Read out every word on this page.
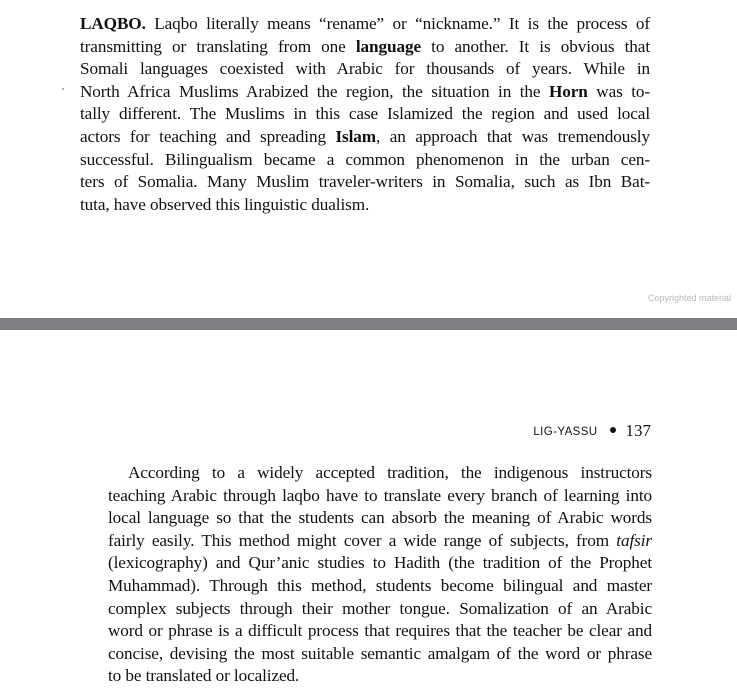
LAQBO. Laqbo literally means “rename” or “nickname.” It is the process of
transmitting or translating from one language to another. It is obvious that
Somali languages coexisted with Arabic for thousands of years. While in
North Africa Muslims Arabized the region, the situation in the Horn was to-
tally different. The Muslims in this case Islamized the region and used local
actors for teaching and spreading Islam, an approach that was tremendously
successful. Bilingualism became a common phenomenon in the urban cen-
ters of Somalia. Many Muslim traveler-writers in Somalia, such as Ibn Bat-
tuta, have observed this linguistic dualism.
Copyrighted material
LIG-YASSU 137
According to a widely accepted tradition, the indigenous instructors
teaching Arabic through laqbo have to translate every branch of learning into
local language so that the students can absorb the meaning of Arabic words
fairly easily. This method might cover a wide range of subjects, from tafsir
(lexicography) and Qur’anic studies to Hadith (the tradition of the Prophet
Muhammad). Through this method, students become bilingual and master
complex subjects through their mother tongue. Somalization of an Arabic
word or phrase is a difficult process that requires that the teacher be clear and
concise, devising the most suitable semantic amalgam of the word or phrase
to be translated or localized.
